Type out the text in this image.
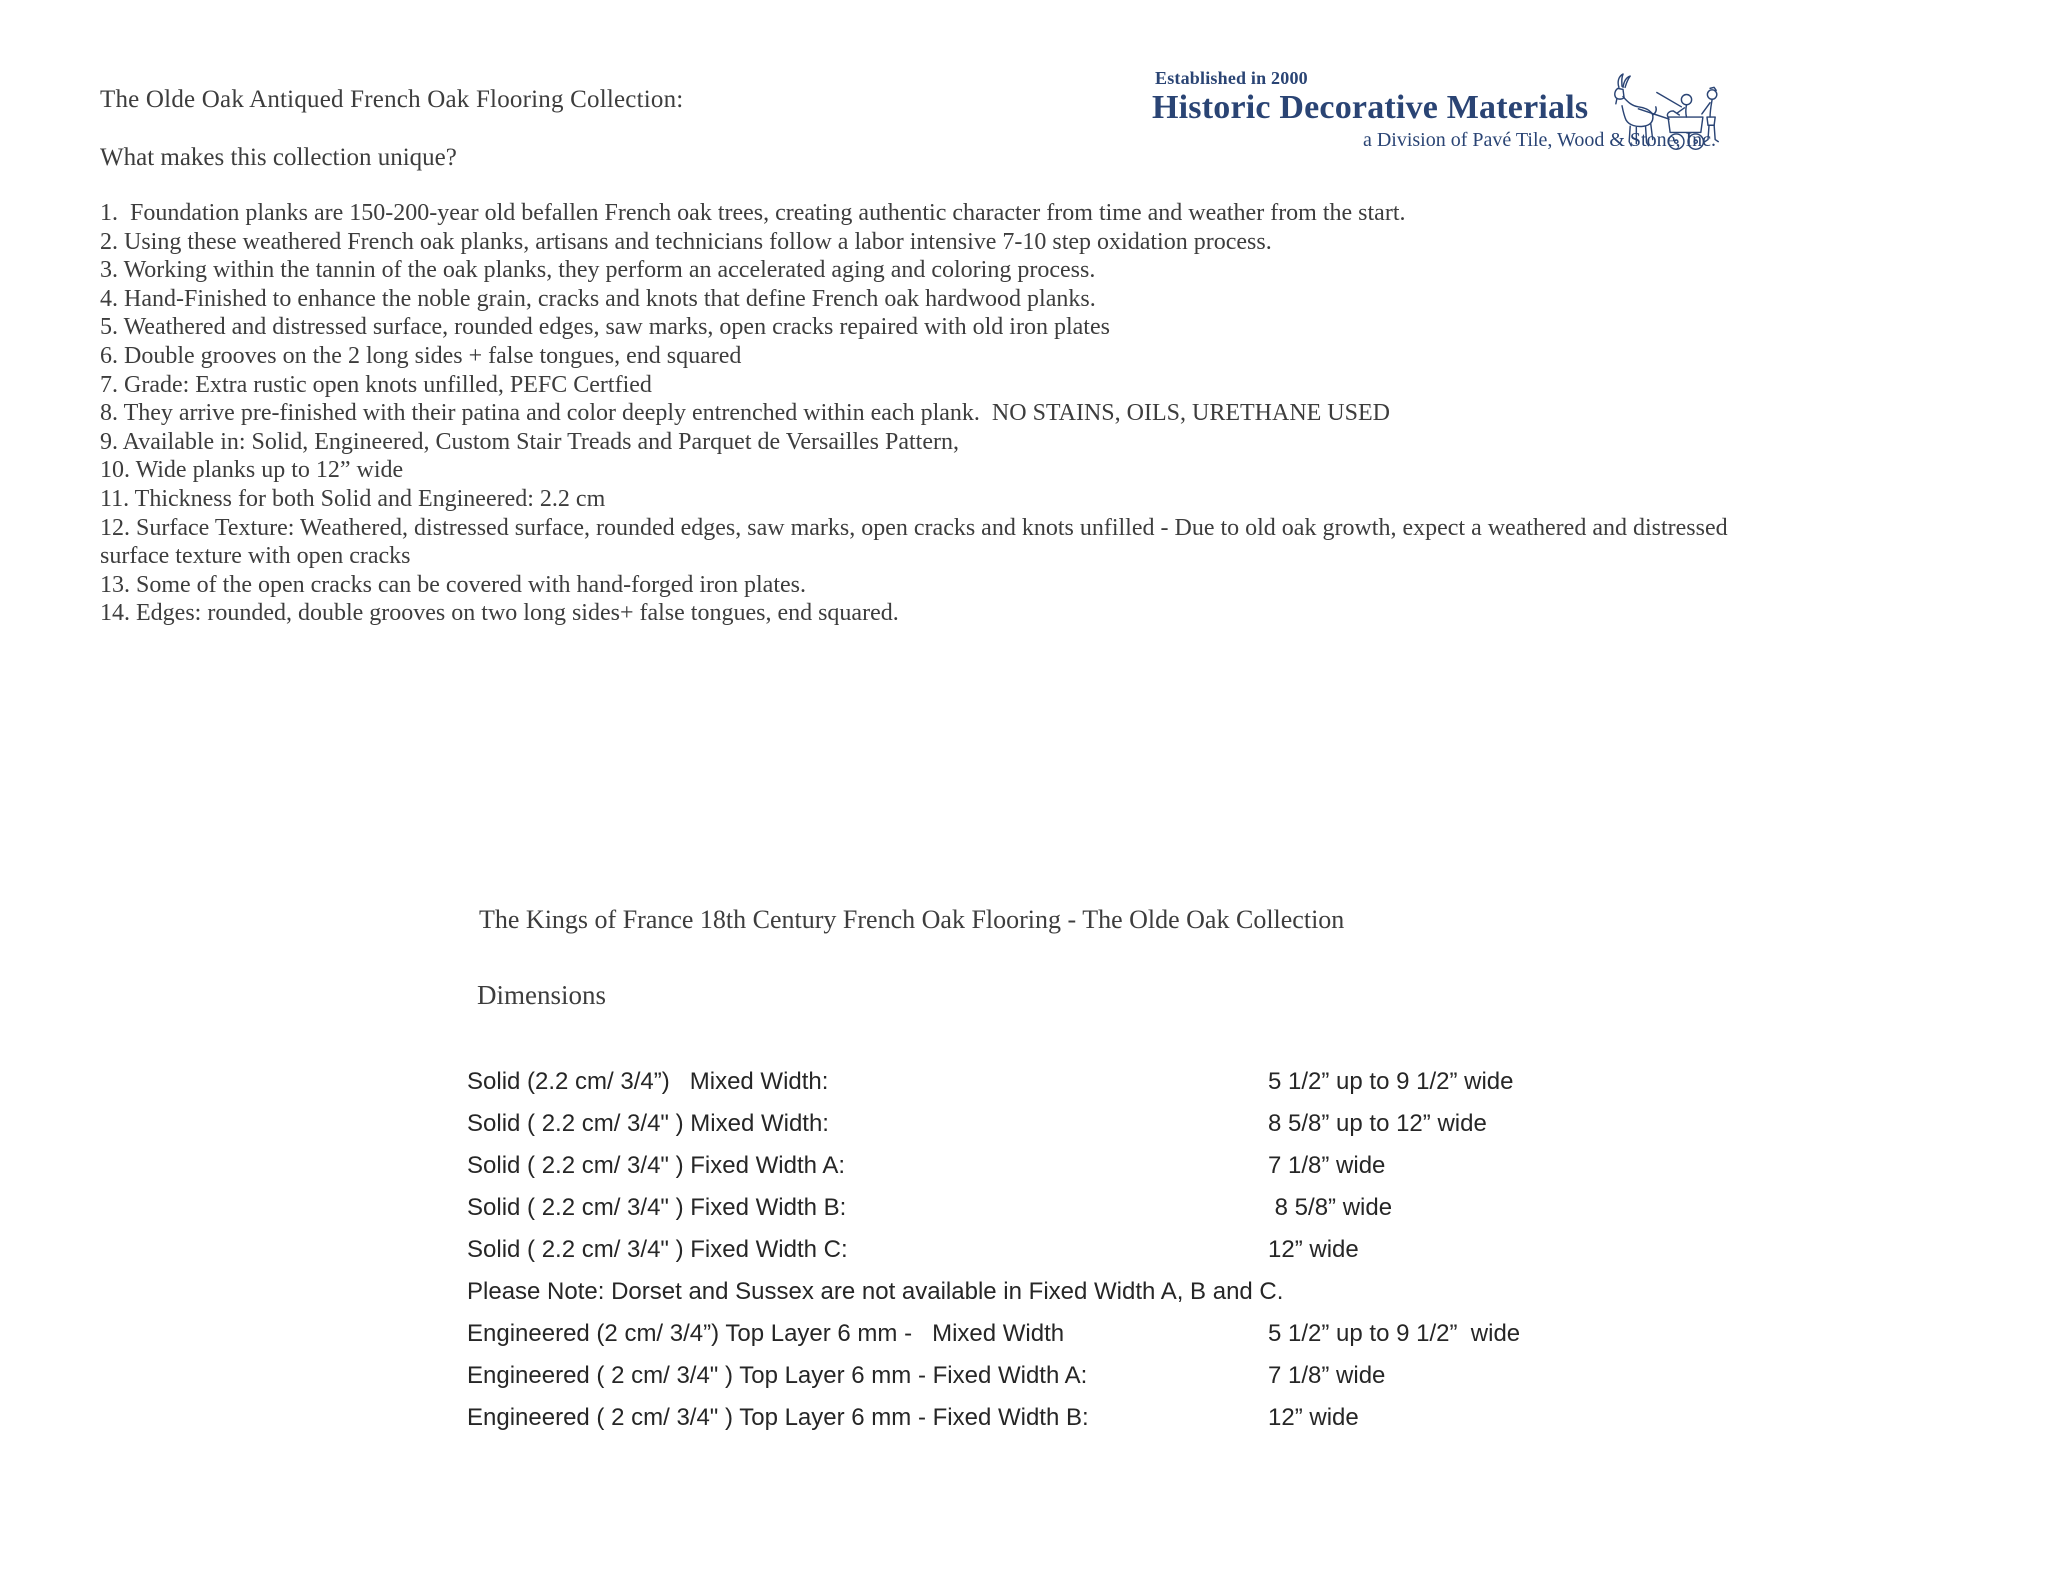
The Olde Oak Antiqued French Oak Flooring Collection:
Established in 2000
Historic Decorative Materials
a Division of Pavé Tile, Wood & Stone, Inc.
What makes this collection unique?
1.  Foundation planks are 150-200-year old befallen French oak trees, creating authentic character from time and weather from the start.
2. Using these weathered French oak planks, artisans and technicians follow a labor intensive 7-10 step oxidation process.
3. Working within the tannin of the oak planks, they perform an accelerated aging and coloring process.
4. Hand-Finished to enhance the noble grain, cracks and knots that define French oak hardwood planks.
5. Weathered and distressed surface, rounded edges, saw marks, open cracks repaired with old iron plates
6. Double grooves on the 2 long sides + false tongues, end squared
7. Grade: Extra rustic open knots unfilled, PEFC Certfied
8. They arrive pre-finished with their patina and color deeply entrenched within each plank.  NO STAINS, OILS, URETHANE USED
9. Available in: Solid, Engineered, Custom Stair Treads and Parquet de Versailles Pattern,
10. Wide planks up to 12” wide
11. Thickness for both Solid and Engineered: 2.2 cm
12. Surface Texture: Weathered, distressed surface, rounded edges, saw marks, open cracks and knots unfilled - Due to old oak growth, expect a weathered and distressed surface texture with open cracks
13. Some of the open cracks can be covered with hand-forged iron plates.
14. Edges: rounded, double grooves on two long sides+ false tongues, end squared.
The Kings of France 18th Century French Oak Flooring - The Olde Oak Collection
Dimensions
Solid (2.2 cm/ 3/4”)   Mixed Width:	5 1/2” up to 9 1/2” wide
Solid ( 2.2 cm/ 3/4" ) Mixed Width:	8 5/8” up to 12” wide
Solid ( 2.2 cm/ 3/4" ) Fixed Width A:	7 1/8” wide
Solid ( 2.2 cm/ 3/4" ) Fixed Width B:	8 5/8” wide
Solid ( 2.2 cm/ 3/4" ) Fixed Width C:	12” wide
Please Note: Dorset and Sussex are not available in Fixed Width A, B and C.
Engineered (2 cm/ 3/4”) Top Layer 6 mm -   Mixed Width	5 1/2” up to 9 1/2”  wide
Engineered ( 2 cm/ 3/4" ) Top Layer 6 mm - Fixed Width A:	7 1/8” wide
Engineered ( 2 cm/ 3/4" ) Top Layer 6 mm - Fixed Width B:	12” wide
